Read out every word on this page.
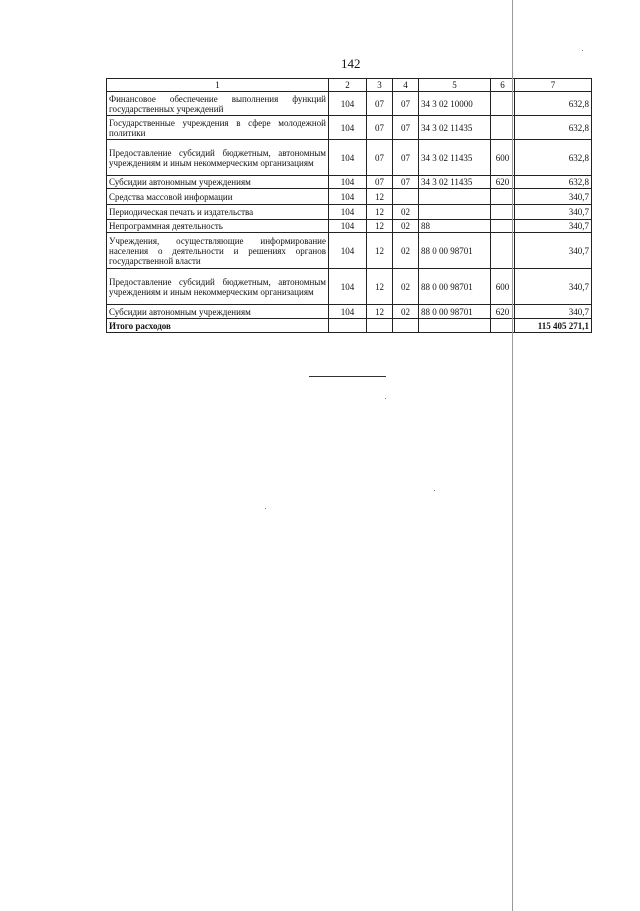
142
1	2	3	4	5	6	7
Финансовое обеспечение выполнения функций государственных учреждений	104	07	07	34 3 02 10000		632,8
Государственные учреждения в сфере молодежной политики	104	07	07	34 3 02 11435		632,8
Предоставление субсидий бюджетным, автономным учреждениям и иным некоммерческим организациям	104	07	07	34 3 02 11435	600	632,8
Субсидии автономным учреждениям	104	07	07	34 3 02 11435	620	632,8
Средства массовой информации	104	12				340,7
Периодическая печать и издательства	104	12	02			340,7
Непрограммная деятельность	104	12	02	88		340,7
Учреждения, осуществляющие информирование населения о деятельности и решениях органов государственной власти	104	12	02	88 0 00 98701		340,7
Предоставление субсидий бюджетным, автономным учреждениям и иным некоммерческим организациям	104	12	02	88 0 00 98701	600	340,7
Субсидии автономным учреждениям	104	12	02	88 0 00 98701	620	340,7
Итого расходов						115 405 271,1
